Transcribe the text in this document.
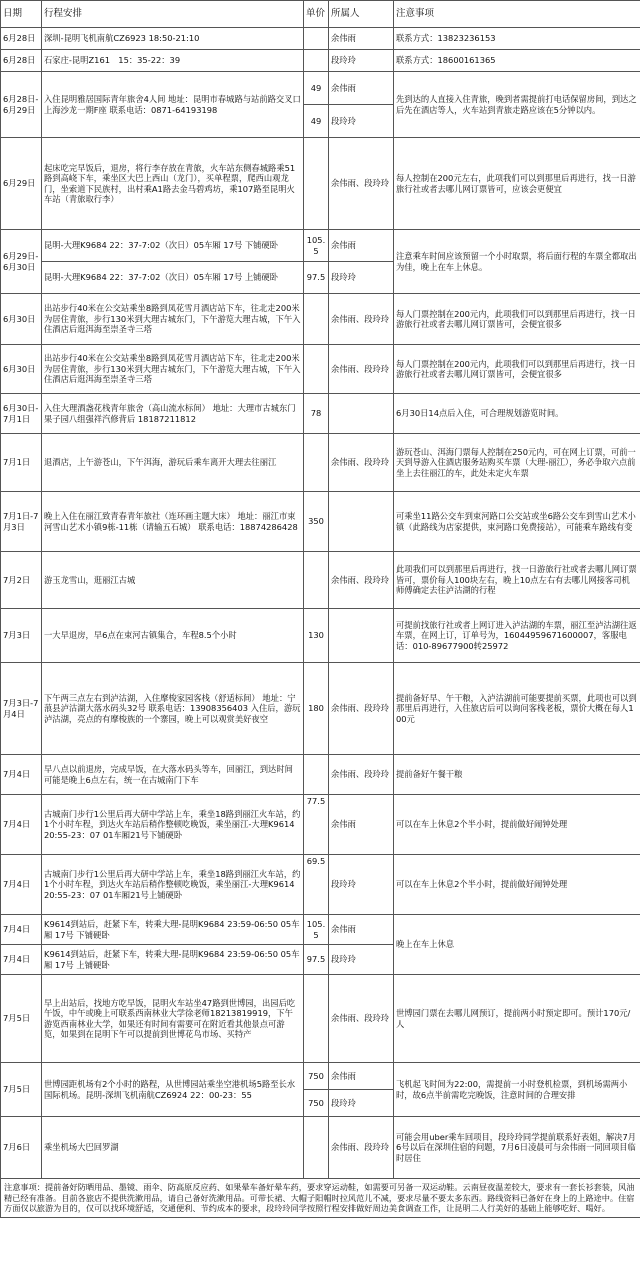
日期	行程安排	单价	所属人	注意事项
6月28日	深圳-昆明飞机南航CZ6923 18:50-21:10		余伟雨	联系方式：13823236153
6月28日	石家庄-昆明Z161　15：35-22：39		段玲玲	联系方式：18600161365
6月28日-6月29日	入住昆明雅居国际青年旅舍4人间 地址：昆明市春城路与站前路交叉口上海沙龙一期F座 联系电话：0871-64193198	49	余伟雨	先到达的人直接入住青旅，晚到者需提前打电话保留房间，到达之后先在酒店等人，火车站到青旅走路应该在5分钟以内。
		49	段玲玲	
6月29日	起床吃完早饭后，退房，将行李存放在青旅，火车站东侧春城路乘51路到高峣下车，乘坐区大巴上西山（龙门），买单程票，爬西山观龙门，坐索道下民族村，出村乘A1路去金马碧鸡坊，乘107路至昆明火车站（青旅取行李）		余伟雨、段玲玲	每人控制在200元左右，此项我们可以到那里后再进行，找一日游旅行社或者去哪儿网订票皆可，应该会更便宜
6月29日-6月30日	昆明-大理K9684 22：37-7:02（次日）05车厢 17号 下铺硬卧	105.5	余伟雨	注意乘车时间应该预留一个小时取票，将后面行程的车票全都取出为佳，晚上在车上休息。
	昆明-大理K9684 22：37-7:02（次日）05车厢 17号 上铺硬卧	97.5	段玲玲	
6月30日	出站步行40米在公交站乘坐8路到凤花雪月酒店站下车，往北走200米为居住青旅，步行130米到大理古城东门，下午游览大理古城，下午入住酒店后逛洱海至崇圣寺三塔		余伟雨、段玲玲	每人门票控制在200元内，此项我们可以到那里后再进行，找一日游旅行社或者去哪儿网订票皆可，会便宜很多
6月30日	出站步行40米在公交站乘坐8路到凤花雪月酒店站下车，往北走200米为居住青旅，步行130米到大理古城东门，下午游览大理古城，下午入住酒店后逛洱海至崇圣寺三塔		余伟雨、段玲玲	每人门票控制在200元内，此项我们可以到那里后再进行，找一日游旅行社或者去哪儿网订票皆可，会便宜很多
6月30日-7月1日	入住大理酒盏花栈青年旅舍（高山流水标间） 地址：大理市古城东门果子园八组强祥汽修背后 18187211812	78		6月30日14点后入住，可合理规划游览时间。
7月1日	退酒店，上午游苍山，下午洱海，游玩后乘车离开大理去往丽江		余伟雨、段玲玲	游玩苍山、洱海门票每人控制在250元内，可在网上订票，可前一天到导游入住酒店服务站购买车票（大理-丽江），务必争取六点前坐上去往丽江的车，此处未定火车票
7月1日-7月3日	晚上入住在丽江致青春青年旅社（连环画主题大床） 地址：丽江市束河雪山艺术小镇9栋-11栋（请输五石城） 联系电话：18874286428	350		可乘坐11路公交车到束河路口公交站或坐6路公交车到雪山艺术小镇（此路线为店家提供，束河路口免费接站），可能乘车路线有变
7月2日	游玉龙雪山，逛丽江古城		余伟雨、段玲玲	此项我们可以到那里后再进行，找一日游旅行社或者去哪儿网订票皆可，票价每人100块左右，晚上10点左右有去哪儿网接客司机师傅确定去往泸沽湖的行程
7月3日	一大早退房，早6点在束河古镇集合，车程8.5个小时	130		可提前找旅行社或者上网订进入泸沽湖的车票，丽江至泸沽湖往返车票，在网上订，订单号为，16044959671600007，客服电话：010-89677900转25972
7月3日-7月4日	下午两三点左右到泸沽湖，入住摩梭家园客栈（舒适标间） 地址：宁蒗县泸沽湖大落水码头32号 联系电话：13908356403 入住后，游玩泸沽湖，亮点的有摩梭族的一个寨园，晚上可以观赏美好夜空	180	余伟雨、段玲玲	提前备好早、午干粮，入泸沽湖前可能要提前买票，此项也可以到那里后再进行，入住旅店后可以询问客栈老板，票价大概在每人100元
7月4日	早八点以前退房，完成早饭，在大落水码头等车，回丽江，到达时间可能是晚上6点左右，统一在古城南门下车		余伟雨、段玲玲	提前备好午餐干粮
7月4日	古城南门步行1公里后再大研中学站上车，乘坐18路到丽江火车站，约1个小时车程，到达火车站后稍作整顿吃晚饭，乘坐丽江-大理K9614 20:55-23：07 01车厢21号下铺硬卧	77.5	余伟雨	可以在车上休息2个半小时，提前做好闹钟处理
7月4日	古城南门步行1公里后再大研中学站上车，乘坐18路到丽江火车站，约1个小时车程，到达火车站后稍作整顿吃晚饭，乘坐丽江-大理K9614 20:55-23：07 01车厢21号上铺硬卧	69.5	段玲玲	可以在车上休息2个半小时，提前做好闹钟处理
7月4日	K9614到站后，赶紧下车，转乘大理-昆明K9684 23:59-06:50 05车厢 17号 下铺硬卧	105.5	余伟雨	晚上在车上休息
7月4日	K9614到站后，赶紧下车，转乘大理-昆明K9684 23:59-06:50 05车厢 17号 上铺硬卧	97.5	段玲玲	
7月5日	早上出站后，找地方吃早饭，昆明火车站坐47路到世博园，出园后吃午饭，中午或晚上可联系西南林业大学徐老师18213819919，下午游览西南林业大学，如果还有时间有需要可在附近看其他景点可游览，如果到在昆明下午可以提前到世博花鸟市场、买特产		余伟雨、段玲玲	世博园门票在去哪儿网预订，提前两小时预定即可。预计170元/人
7月5日	世博园距机场有2个小时的路程，从世博园站乘坐空港机场5路至长水国际机场。昆明-深圳飞机南航CZ6924 22：00-23：55	750	余伟雨	飞机起飞时间为22:00，需提前一小时登机检票，到机场需两小时，故6点半前需吃完晚饭，注意时间的合理安排
		750	段玲玲	
7月6日	乘坐机场大巴回罗湖		余伟雨、段玲玲	可能会用uber乘车回项目，段玲玲同学提前联系好表姐，解决7月6号以后在深圳住宿的问题，7月6日凌晨可与余伟雨一同回项目临时居住
注意事项：提前备好防晒用品、墨镜、雨伞、防高原反应药、如果晕车备好晕车药，要求穿运动鞋，如需要可另备一双运动鞋。云南昼夜温差较大，要求有一套长衫套装，风油精已经有准备。目前各旅店不提供洗漱用品，请自己备好洗漱用品。可带长裙、大帽子阳帽时拉风范儿不减，要求尽量不要太多东西。路线资料已备好在身上的上路途中。住宿方面仅以旅游为目的，仅可以找环境舒适，交通便利、节约成本的要求，段玲玲同学按照行程安排做好周边美食调查工作，让昆明二人行美好的基础上能够吃好、喝好。				
